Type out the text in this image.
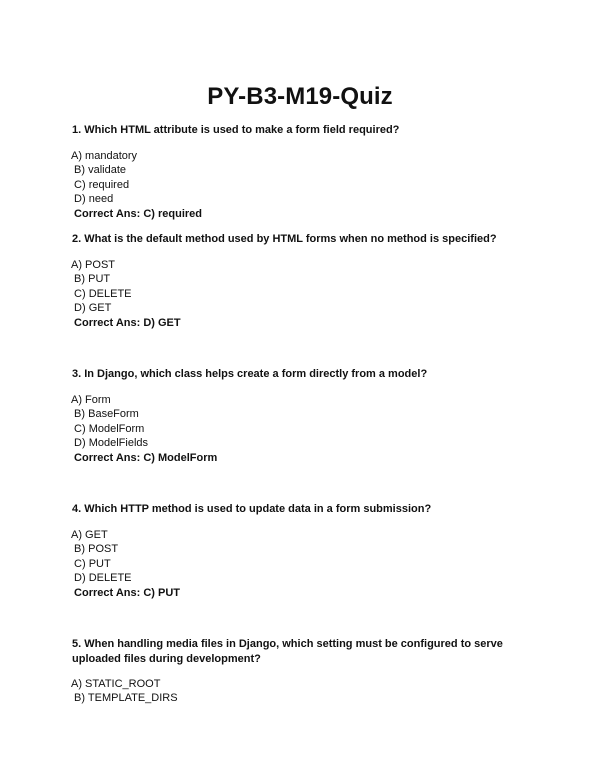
PY-B3-M19-Quiz
1. Which HTML attribute is used to make a form field required?

A) mandatory

B) validate

C) required

D) need

Correct Ans: C) required

2. What is the default method used by HTML forms when no method is specified?

A) POST

B) PUT

C) DELETE

D) GET

Correct Ans: D) GET

3. In Django, which class helps create a form directly from a model?

A) Form

B) BaseForm

C) ModelForm

D) ModelFields

Correct Ans: C) ModelForm

4. Which HTTP method is used to update data in a form submission?

A) GET

B) POST

C) PUT

D) DELETE

Correct Ans: C) PUT

5. When handling media files in Django, which setting must be configured to serve uploaded files during development?

A) STATIC_ROOT

B) TEMPLATE_DIRS
